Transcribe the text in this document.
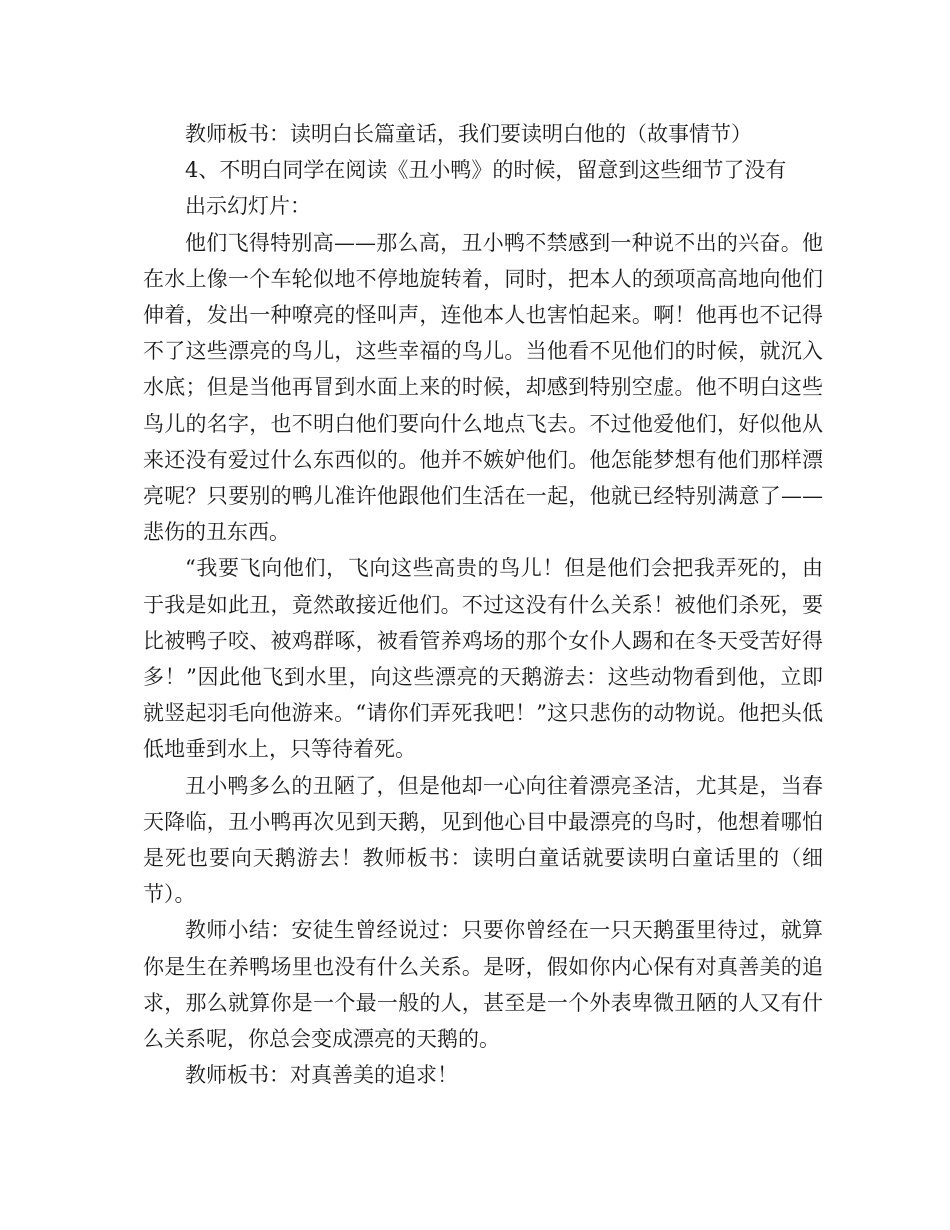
教师板书：读明白长篇童话，我们要读明白他的（故事情节）

4、不明白同学在阅读《丑小鸭》的时候，留意到这些细节了没有

出示幻灯片：

他们飞得特别高——那么高，丑小鸭不禁感到一种说不出的兴奋。他在水上像一个车轮似地不停地旋转着，同时，把本人的颈项高高地向他们伸着，发出一种嘹亮的怪叫声，连他本人也害怕起来。啊！他再也不记得不了这些漂亮的鸟儿，这些幸福的鸟儿。当他看不见他们的时候，就沉入水底；但是当他再冒到水面上来的时候，却感到特别空虚。他不明白这些鸟儿的名字，也不明白他们要向什么地点飞去。不过他爱他们，好似他从来还没有爱过什么东西似的。他并不嫉妒他们。他怎能梦想有他们那样漂亮呢？只要别的鸭儿准许他跟他们生活在一起，他就已经特别满意了——悲伤的丑东西。

“我要飞向他们，飞向这些高贵的鸟儿！但是他们会把我弄死的，由于我是如此丑，竟然敢接近他们。不过这没有什么关系！被他们杀死，要比被鸭子咬、被鸡群啄，被看管养鸡场的那个女仆人踢和在冬天受苦好得多！”因此他飞到水里，向这些漂亮的天鹅游去：这些动物看到他，立即就竖起羽毛向他游来。“请你们弄死我吧！”这只悲伤的动物说。他把头低低地垂到水上，只等待着死。

丑小鸭多么的丑陋了，但是他却一心向往着漂亮圣洁，尤其是，当春天降临，丑小鸭再次见到天鹅，见到他心目中最漂亮的鸟时，他想着哪怕是死也要向天鹅游去！教师板书：读明白童话就要读明白童话里的（细节）。

教师小结：安徒生曾经说过：只要你曾经在一只天鹅蛋里待过，就算你是生在养鸭场里也没有什么关系。是呀，假如你内心保有对真善美的追求，那么就算你是一个最一般的人，甚至是一个外表卑微丑陋的人又有什么关系呢，你总会变成漂亮的天鹅的。

教师板书：对真善美的追求！
